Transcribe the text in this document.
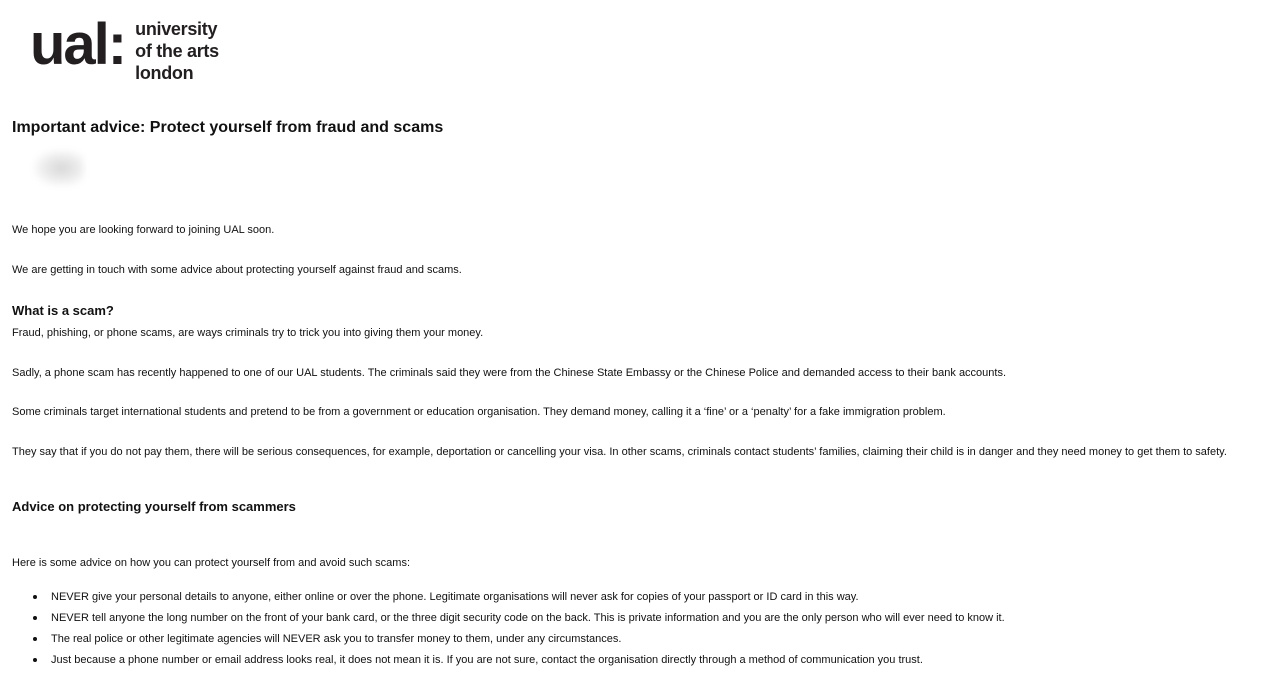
ual: university
of the arts
london
Important advice: Protect yourself from fraud and scams

We hope you are looking forward to joining UAL soon.

We are getting in touch with some advice about protecting yourself against fraud and scams.

What is a scam?

Fraud, phishing, or phone scams, are ways criminals try to trick you into giving them your money.

Sadly, a phone scam has recently happened to one of our UAL students. The criminals said they were from the Chinese State Embassy or the Chinese Police and demanded access to their bank accounts.

Some criminals target international students and pretend to be from a government or education organisation. They demand money, calling it a ‘fine’ or a ‘penalty’ for a fake immigration problem.

They say that if you do not pay them, there will be serious consequences, for example, deportation or cancelling your visa. In other scams, criminals contact students’ families, claiming their child is in danger and they need money to get them to safety.

Advice on protecting yourself from scammers

Here is some advice on how you can protect yourself from and avoid such scams:

NEVER give your personal details to anyone, either online or over the phone. Legitimate organisations will never ask for copies of your passport or ID card in this way.
NEVER tell anyone the long number on the front of your bank card, or the three digit security code on the back. This is private information and you are the only person who will ever need to know it.
The real police or other legitimate agencies will NEVER ask you to transfer money to them, under any circumstances.
Just because a phone number or email address looks real, it does not mean it is. If you are not sure, contact the organisation directly through a method of communication you trust.
